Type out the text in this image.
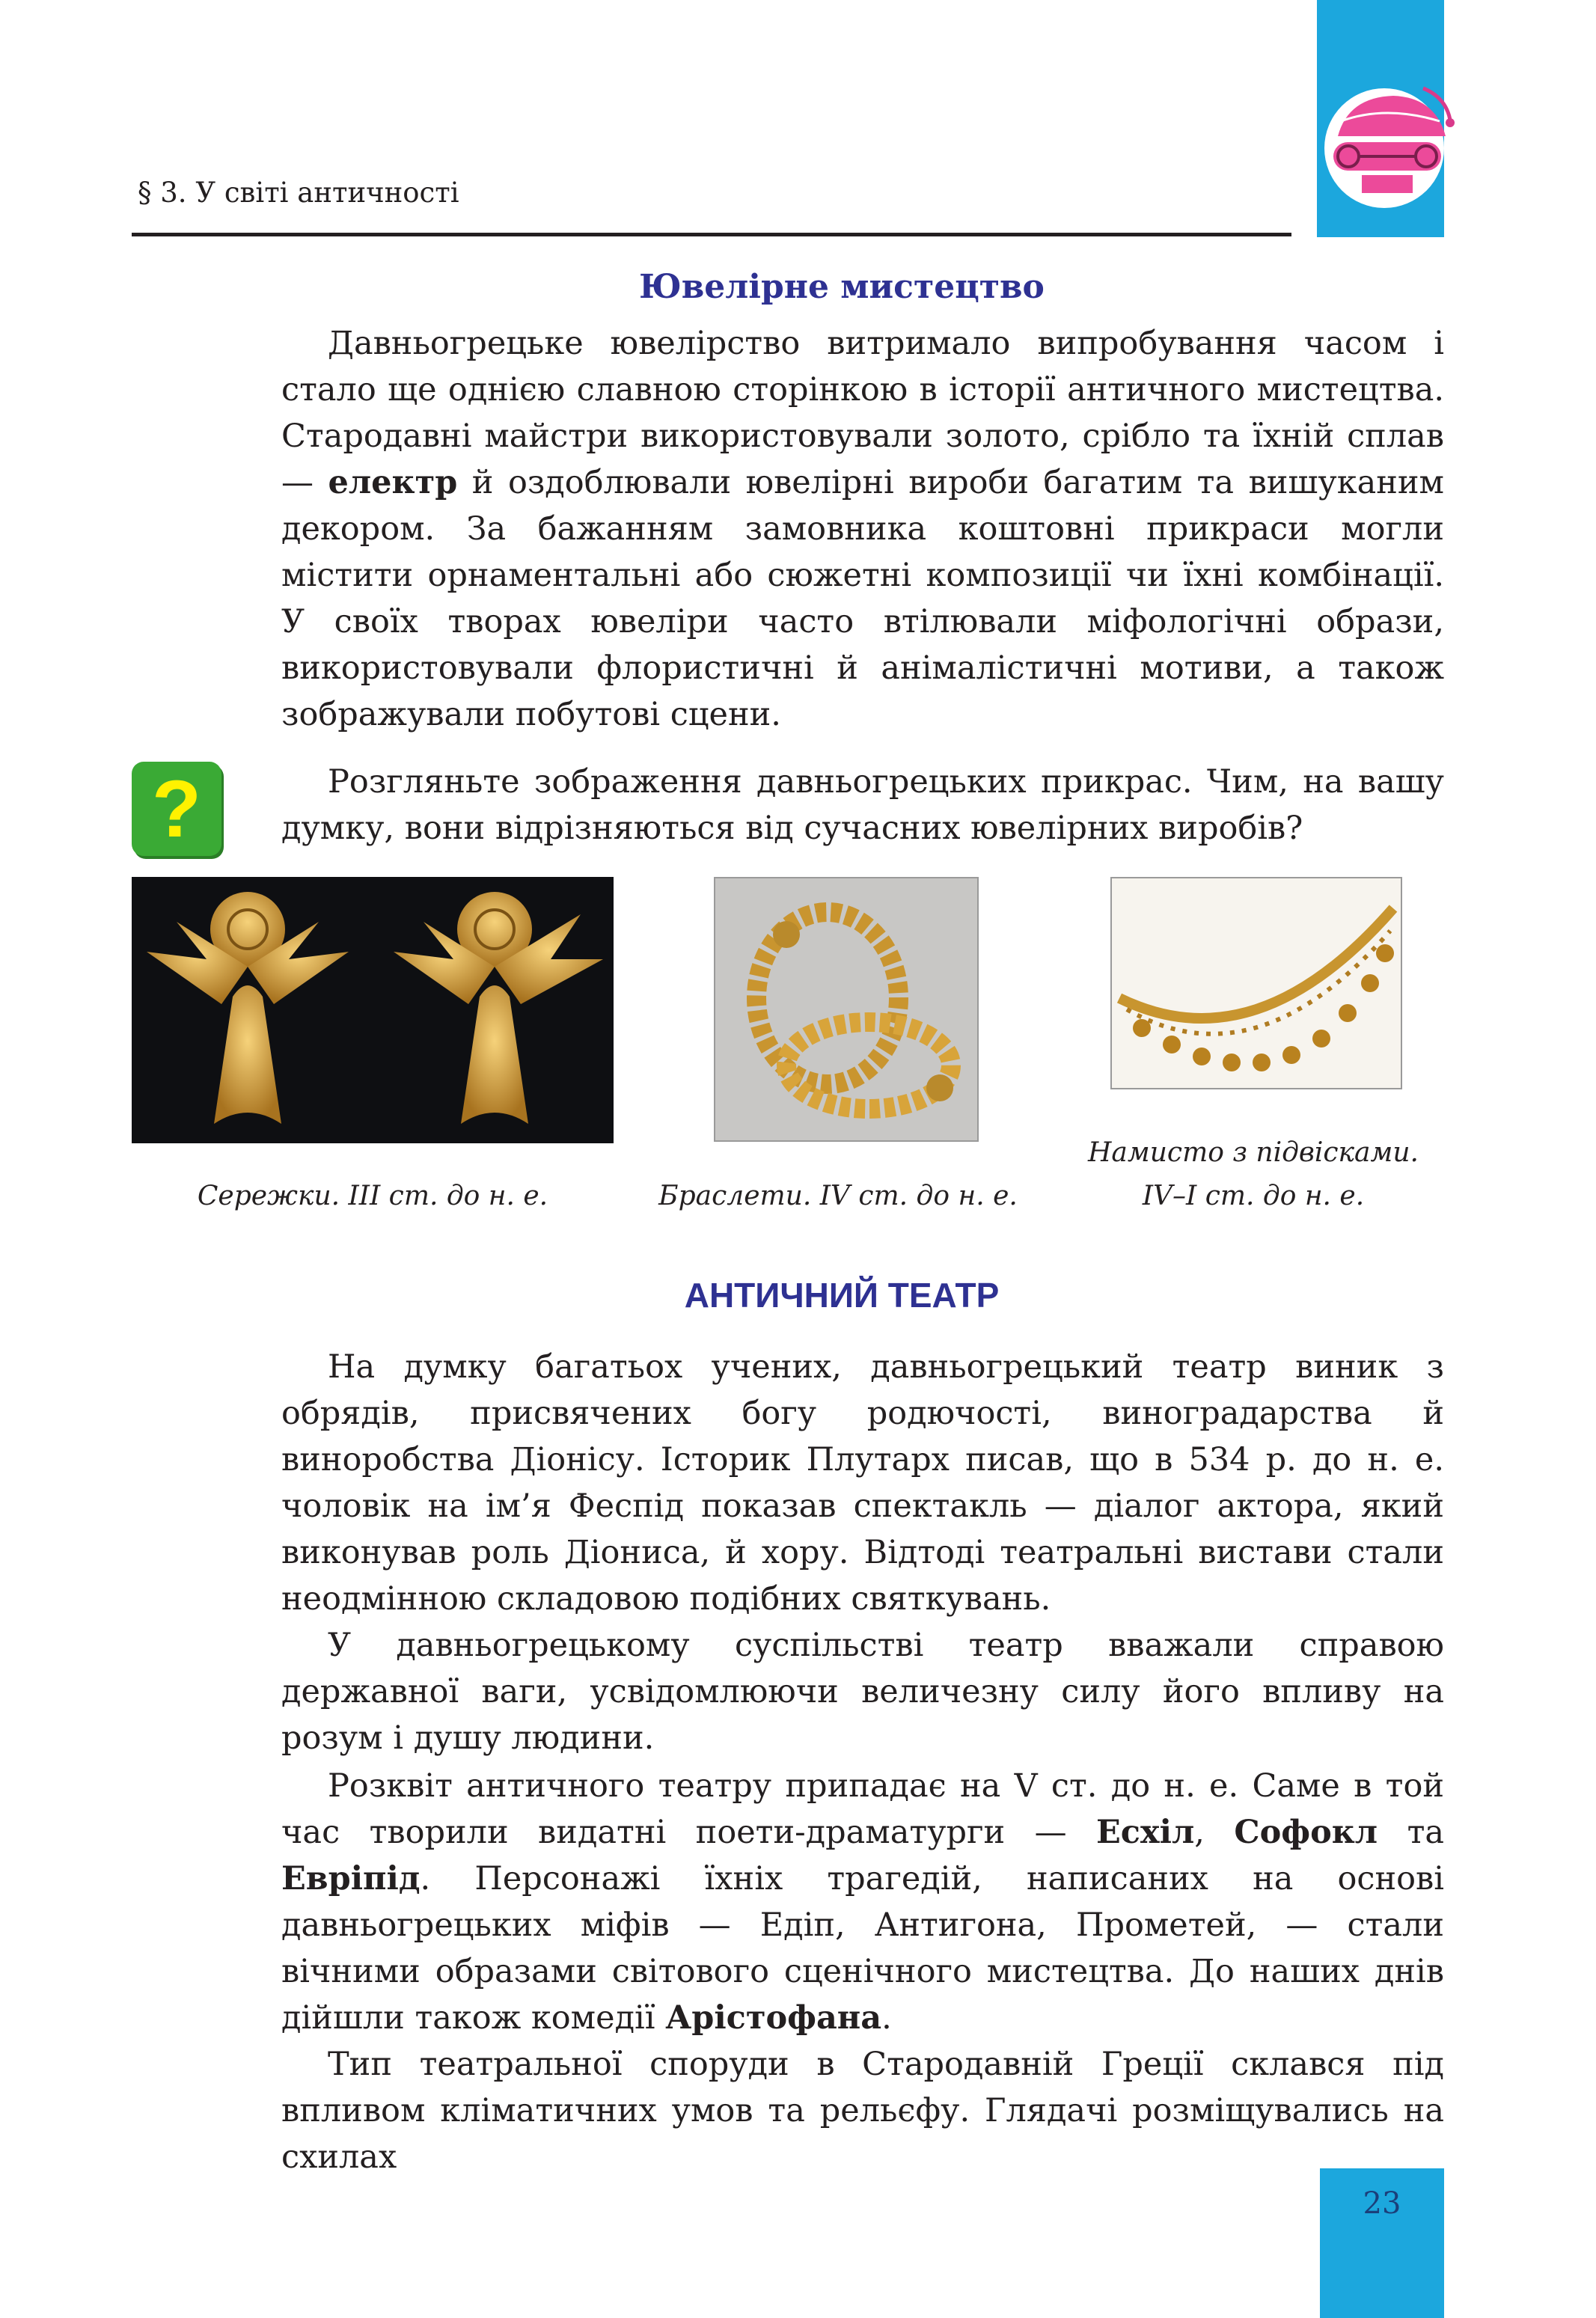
§ 3. У світі античності
Ювелірне мистецтво

Давньогрецьке ювелірство витримало випробування часом і стало ще однією славною сторінкою в історії античного мистецтва. Стародавні майстри використовували золото, срібло та їхній сплав — електр й оздоблювали ювелірні вироби багатим та вишуканим декором. За бажанням замовника коштовні прикраси могли містити орнаментальні або сюжетні композиції чи їхні комбінації. У своїх творах ювеліри часто втілювали міфологічні образи, використовували флористичні й анімалістичні мотиви, а також зображували побутові сцени.

?	Розгляньте зображення давньогрецьких прикрас. Чим, на вашу думку, вони відрізняються від сучасних ювелірних виробів?

Сережки. III ст. до н. е.	Браслети. IV ст. до н. е.
Намисто з підвісками.
IV–I ст. до н. е.
АНТИЧНИЙ ТЕАТР

На думку багатьох учених, давньогрецький театр виник з обрядів, присвячених богу родючості, виноградарства й виноробства Діонісу. Історик Плутарх писав, що в 534 р. до н. е. чоловік на ім’я Феспід показав спектакль — діалог актора, який виконував роль Діониса, й хору. Відтоді театральні вистави стали неодмінною складовою подібних святкувань.

У давньогрецькому суспільстві театр вважали справою державної ваги, усвідомлюючи величезну силу його впливу на розум і душу людини.

Розквіт античного театру припадає на V ст. до н. е. Саме в той час творили видатні поети-драматурги — Есхіл, Софокл та Евріпід. Персонажі їхніх трагедій, написаних на основі давньогрецьких міфів — Едіп, Антигона, Прометей, — стали вічними образами світового сценічного мистецтва. До наших днів дійшли також комедії Арістофана.

Тип театральної споруди в Стародавній Греції склався під впливом кліматичних умов та рельєфу. Глядачі розміщувались на схилах

23
